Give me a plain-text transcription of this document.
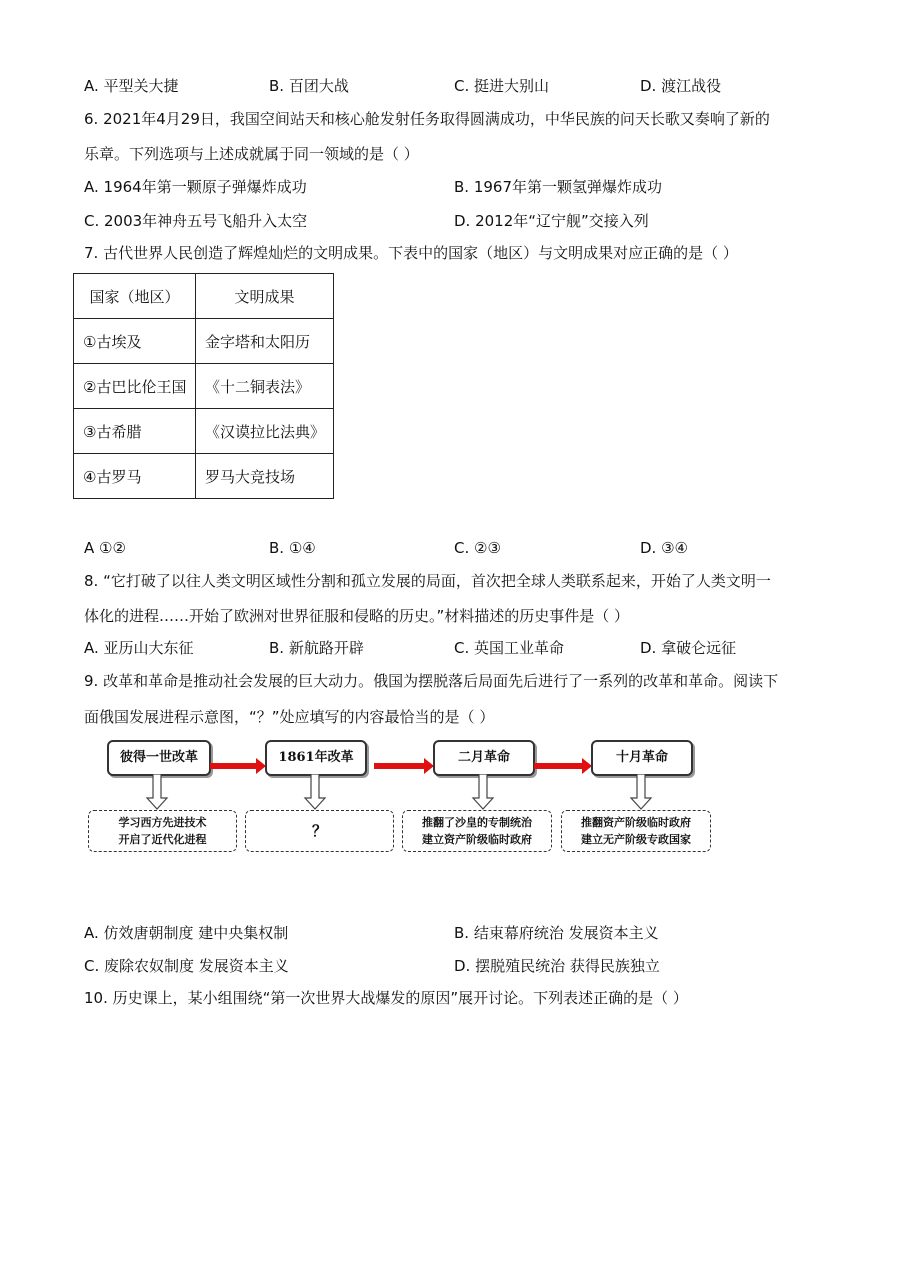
A. 平型关大捷	B. 百团大战	C. 挺进大别山	D. 渡江战役
6. 2021年4月29日，我国空间站天和核心舱发射任务取得圆满成功，中华民族的问天长歌又奏响了新的
乐章。下列选项与上述成就属于同一领域的是（ ）
A. 1964年第一颗原子弹爆炸成功	B. 1967年第一颗氢弹爆炸成功
C. 2003年神舟五号飞船升入太空	D. 2012年“辽宁舰”交接入列
7. 古代世界人民创造了辉煌灿烂的文明成果。下表中的国家（地区）与文明成果对应正确的是（ ）
国家（地区）	文明成果
①古埃及	金字塔和太阳历
②古巴比伦王国	《十二铜表法》
③古希腊	《汉谟拉比法典》
④古罗马	罗马大竞技场
A ①②	B. ①④	C. ②③	D. ③④
8. “它打破了以往人类文明区域性分割和孤立发展的局面，首次把全球人类联系起来，开始了人类文明一
体化的进程……开始了欧洲对世界征服和侵略的历史。”材料描述的历史事件是（ ）
A. 亚历山大东征	B. 新航路开辟	C. 英国工业革命	D. 拿破仑远征
9. 改革和革命是推动社会发展的巨大动力。俄国为摆脱落后局面先后进行了一系列的改革和革命。阅读下
面俄国发展进程示意图，“？”处应填写的内容最恰当的是（ ）
彼得一世改革	1861年改革	二月革命	十月革命
学习西方先进技术
开启了近代化进程	？	推翻了沙皇的专制统治
建立资产阶级临时政府
推翻资产阶级临时政府
建立无产阶级专政国家
A. 仿效唐朝制度 建中央集权制	B. 结束幕府统治 发展资本主义
C. 废除农奴制度 发展资本主义	D. 摆脱殖民统治 获得民族独立
10. 历史课上，某小组围绕“第一次世界大战爆发的原因”展开讨论。下列表述正确的是（ ）
